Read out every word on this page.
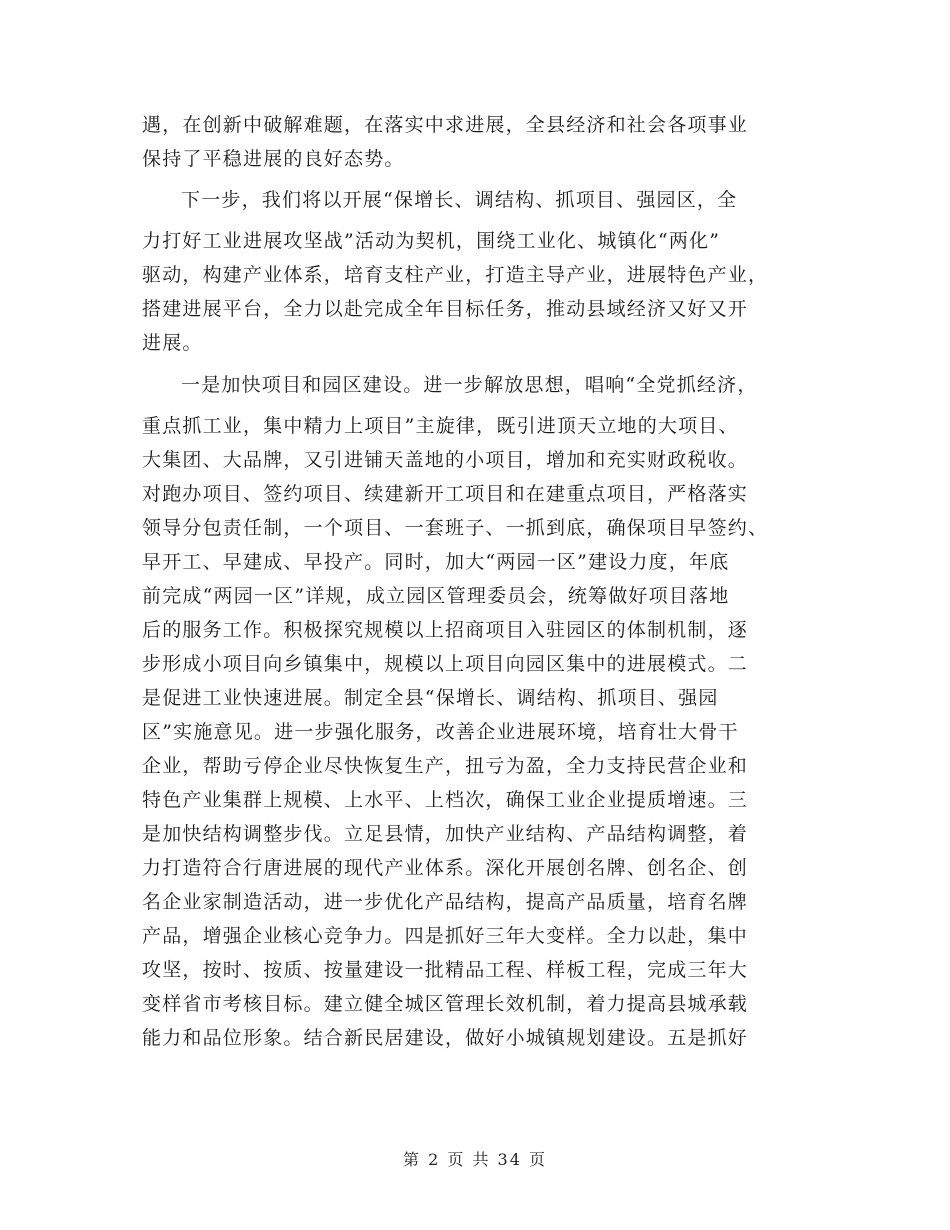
遇，在创新中破解难题，在落实中求进展，全县经济和社会各项事业
保持了平稳进展的良好态势。
下一步，我们将以开展“保增长、调结构、抓项目、强园区，全
力打好工业进展攻坚战”活动为契机，围绕工业化、城镇化“两化”
驱动，构建产业体系，培育支柱产业，打造主导产业，进展特色产业，
搭建进展平台，全力以赴完成全年目标任务，推动县域经济又好又开
进展。
一是加快项目和园区建设。进一步解放思想，唱响“全党抓经济，
重点抓工业，集中精力上项目”主旋律，既引进顶天立地的大项目、
大集团、大品牌，又引进铺天盖地的小项目，增加和充实财政税收。
对跑办项目、签约项目、续建新开工项目和在建重点项目，严格落实
领导分包责任制，一个项目、一套班子、一抓到底，确保项目早签约、
早开工、早建成、早投产。同时，加大“两园一区”建设力度，年底
前完成“两园一区”详规，成立园区管理委员会，统筹做好项目落地
后的服务工作。积极探究规模以上招商项目入驻园区的体制机制，逐
步形成小项目向乡镇集中，规模以上项目向园区集中的进展模式。二
是促进工业快速进展。制定全县“保增长、调结构、抓项目、强园
区”实施意见。进一步强化服务，改善企业进展环境，培育壮大骨干
企业，帮助亏停企业尽快恢复生产，扭亏为盈，全力支持民营企业和
特色产业集群上规模、上水平、上档次，确保工业企业提质增速。三
是加快结构调整步伐。立足县情，加快产业结构、产品结构调整，着
力打造符合行唐进展的现代产业体系。深化开展创名牌、创名企、创
名企业家制造活动，进一步优化产品结构，提高产品质量，培育名牌
产品，增强企业核心竞争力。四是抓好三年大变样。全力以赴，集中
攻坚，按时、按质、按量建设一批精品工程、样板工程，完成三年大
变样省市考核目标。建立健全城区管理长效机制，着力提高县城承载
能力和品位形象。结合新民居建设，做好小城镇规划建设。五是抓好
第 2 页 共 34 页
